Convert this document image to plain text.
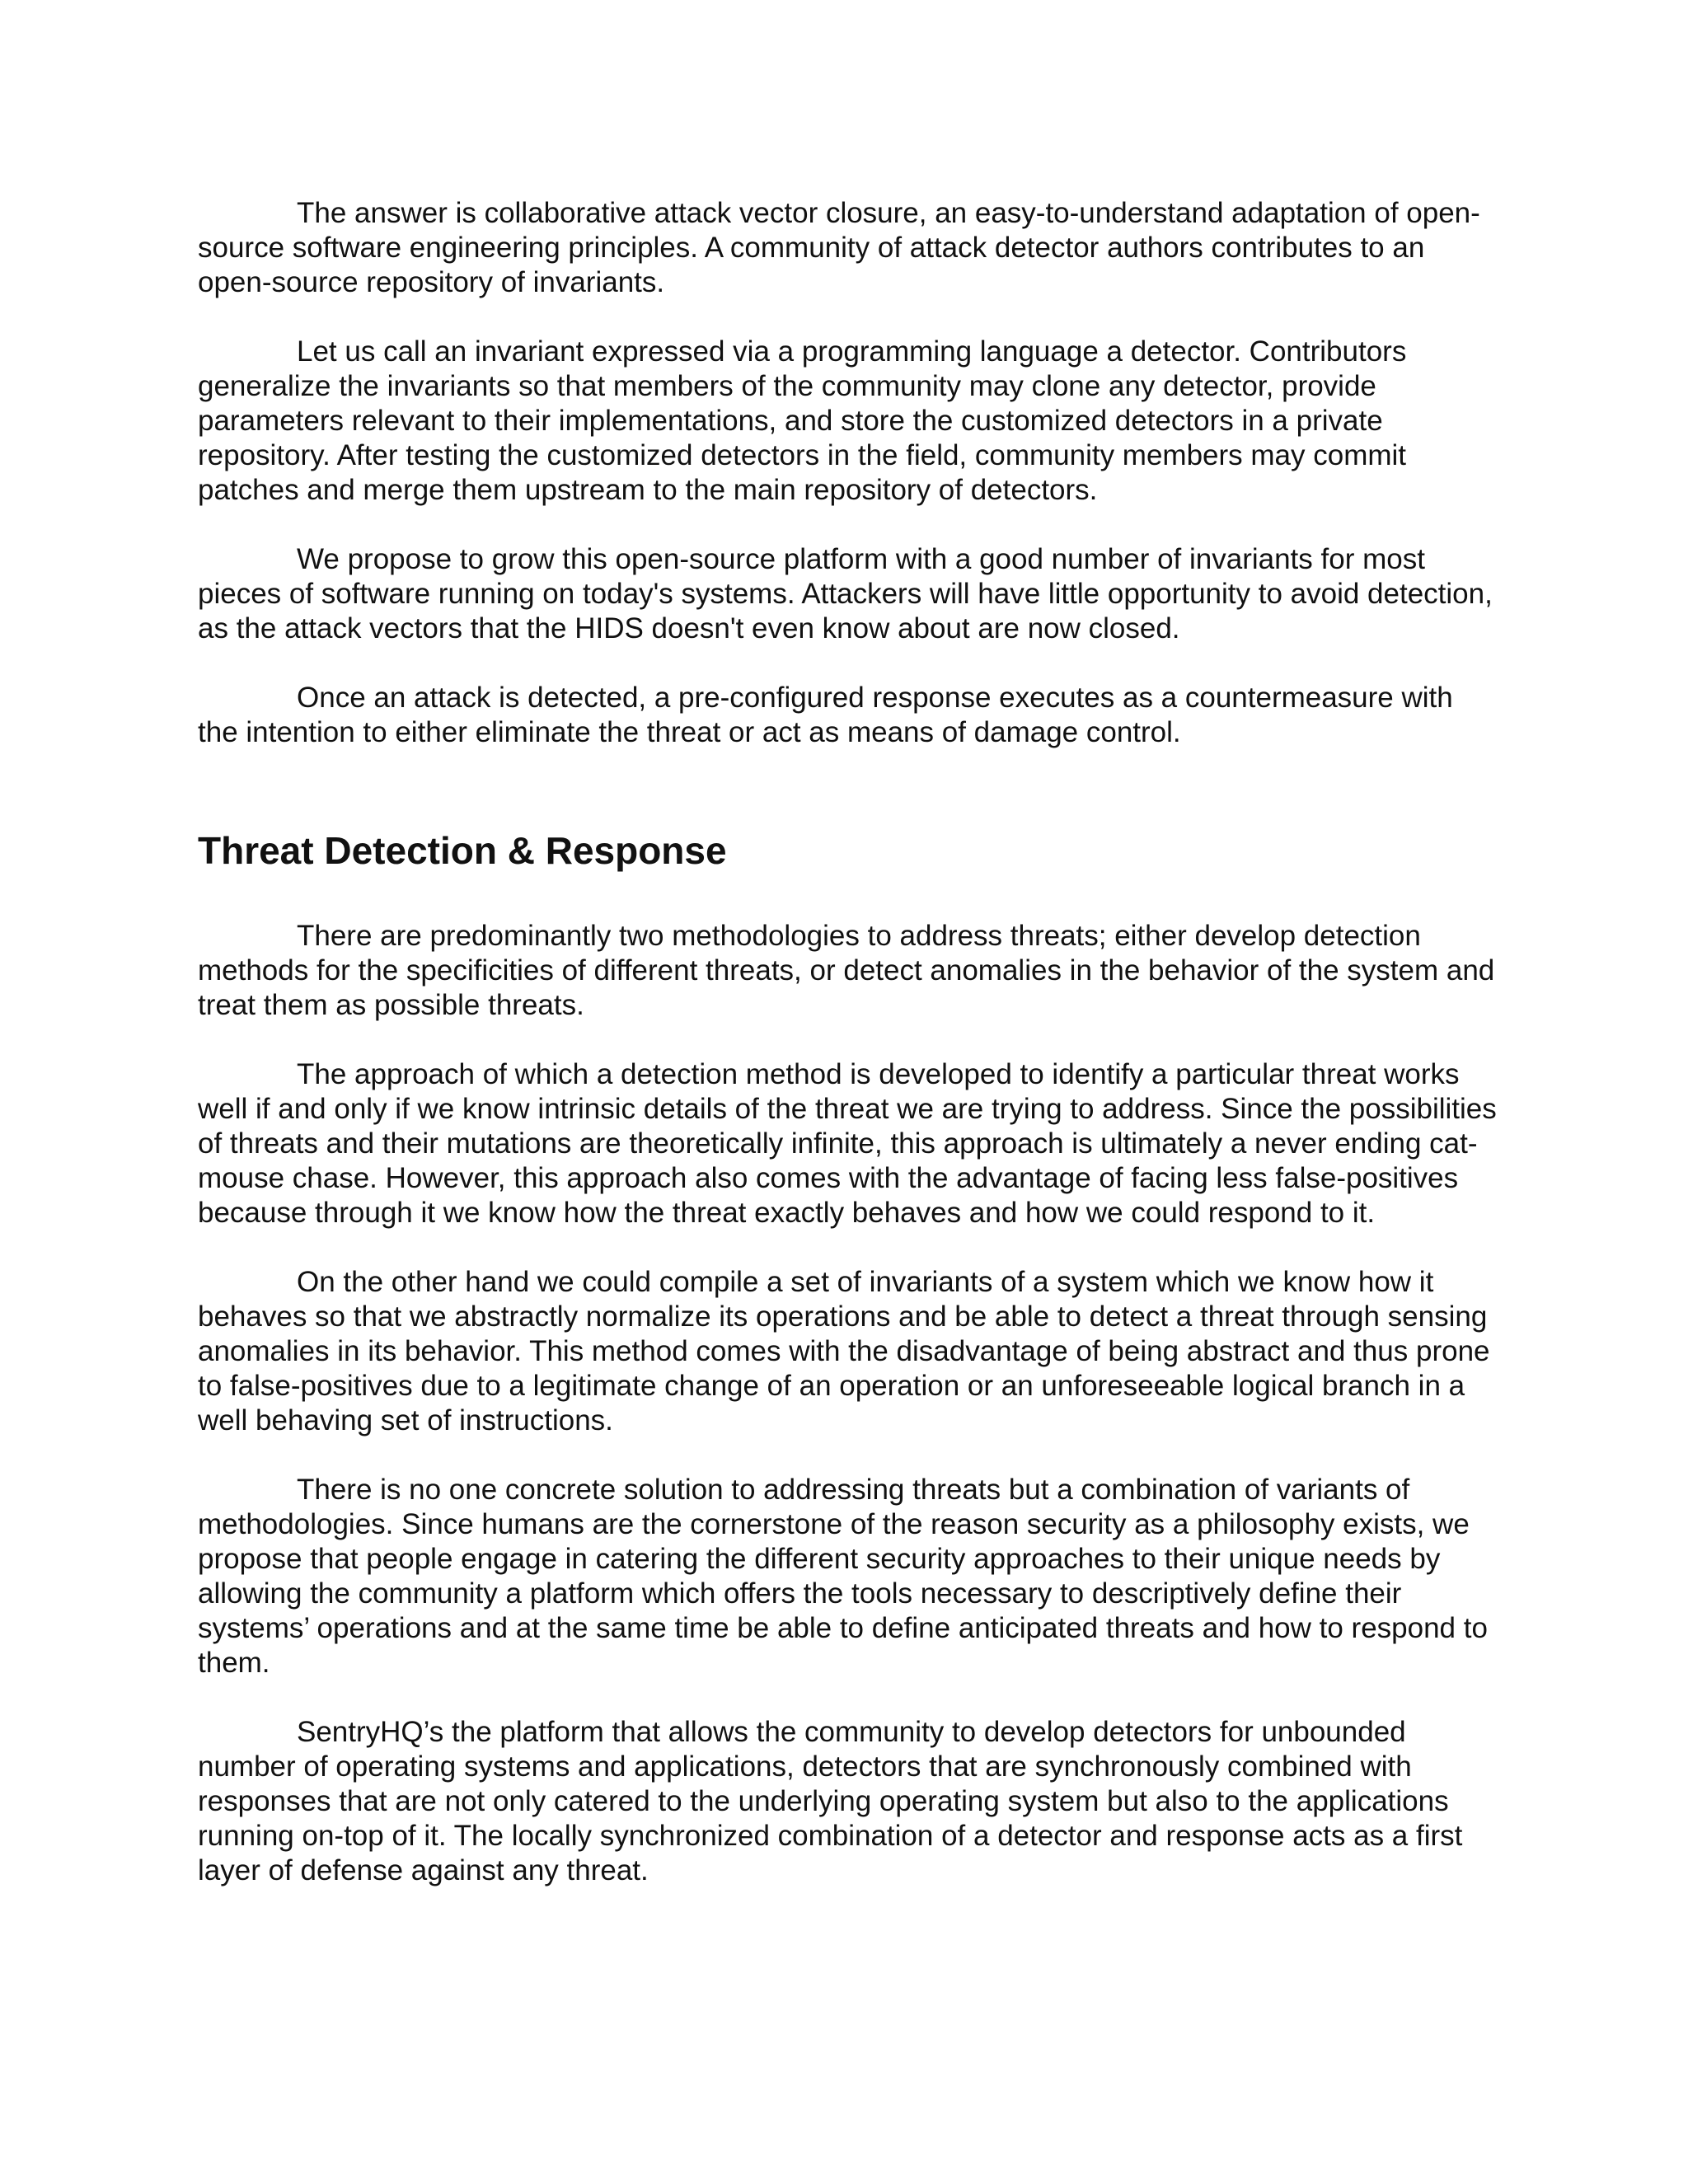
The answer is collaborative attack vector closure, an easy-to-understand adaptation of open-source software engineering principles. A community of attack detector authors contributes to an open-source repository of invariants.

Let us call an invariant expressed via a programming language a detector. Contributors generalize the invariants so that members of the community may clone any detector, provide parameters relevant to their implementations, and store the customized detectors in a private repository. After testing the customized detectors in the field, community members may commit patches and merge them upstream to the main repository of detectors.

We propose to grow this open-source platform with a good number of invariants for most pieces of software running on today's systems. Attackers will have little opportunity to avoid detection, as the attack vectors that the HIDS doesn't even know about are now closed.

Once an attack is detected, a pre-configured response executes as a countermeasure with the intention to either eliminate the threat or act as means of damage control.

Threat Detection & Response

There are predominantly two methodologies to address threats; either develop detection methods for the specificities of different threats, or detect anomalies in the behavior of the system and treat them as possible threats.

The approach of which a detection method is developed to identify a particular threat works well if and only if we know intrinsic details of the threat we are trying to address. Since the possibilities of threats and their mutations are theoretically infinite, this approach is ultimately a never ending cat-mouse chase. However, this approach also comes with the advantage of facing less false-positives because through it we know how the threat exactly behaves and how we could respond to it.

On the other hand we could compile a set of invariants of a system which we know how it behaves so that we abstractly normalize its operations and be able to detect a threat through sensing anomalies in its behavior. This method comes with the disadvantage of being abstract and thus prone to false-positives due to a legitimate change of an operation or an unforeseeable logical branch in a well behaving set of instructions.

There is no one concrete solution to addressing threats but a combination of variants of methodologies. Since humans are the cornerstone of the reason security as a philosophy exists, we propose that people engage in catering the different security approaches to their unique needs by allowing the community a platform which offers the tools necessary to descriptively define their systems’ operations and at the same time be able to define anticipated threats and how to respond to them.

SentryHQ’s the platform that allows the community to develop detectors for unbounded number of operating systems and applications, detectors that are synchronously combined with responses that are not only catered to the underlying operating system but also to the applications running on-top of it. The locally synchronized combination of a detector and response acts as a first layer of defense against any threat.
